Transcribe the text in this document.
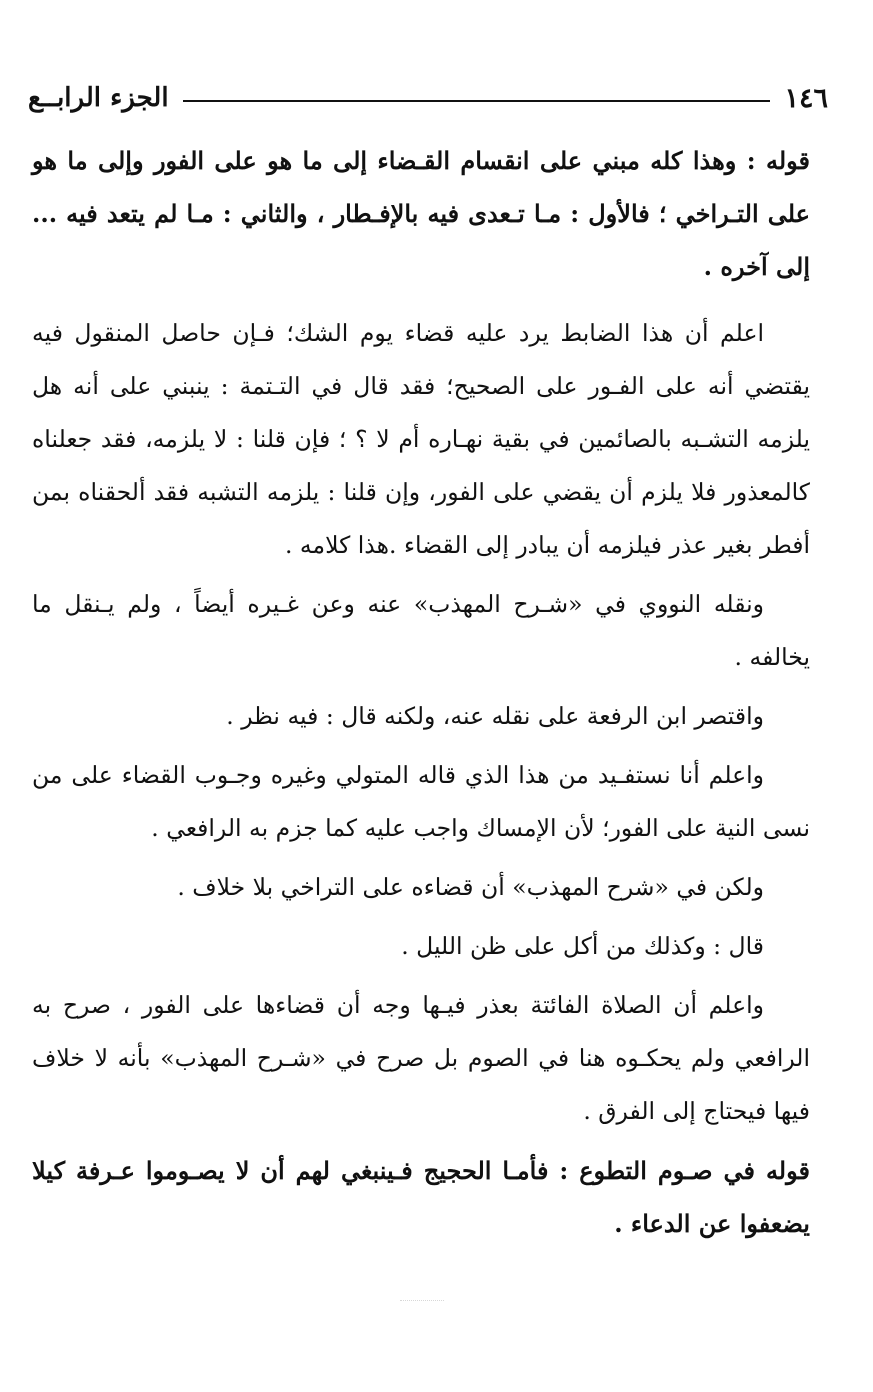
١٤٦
الجزء الرابــع

قوله : وهذا كله مبني على انقسام القـضاء إلى ما هو على الفور وإلى ما هو على التـراخي ؛ فالأول : مـا تـعدى فيه بالإفـطار ، والثاني : مـا لم يتعد فيه ... إلى آخره .

اعلم أن هذا الضابط يرد عليه قضاء يوم الشك؛ فـإن حاصل المنقول فيه يقتضي أنه على الفـور على الصحيح؛ فقد قال في التـتمة : ينبني على أنه هل يلزمه التشـبه بالصائمين في بقية نهـاره أم لا ؟ ؛ فإن قلنا : لا يلزمه، فقد جعلناه كالمعذور فلا يلزم أن يقضي على الفور، وإن قلنا : يلزمه التشبه فقد ألحقناه بمن أفطر بغير عذر فيلزمه أن يبادر إلى القضاء .هذا كلامه .

ونقله النووي في «شـرح المهذب» عنه وعن غـيره أيضاً ، ولم يـنقل ما يخالفه .

واقتصر ابن الرفعة على نقله عنه، ولكنه قال : فيه نظر .

واعلم أنا نستفـيد من هذا الذي قاله المتولي وغيره وجـوب القضاء على من نسى النية على الفور؛ لأن الإمساك واجب عليه كما جزم به الرافعي .

ولكن في «شرح المهذب» أن قضاءه على التراخي بلا خلاف .

قال : وكذلك من أكل على ظن الليل .

واعلم أن الصلاة الفائتة بعذر فيـها وجه أن قضاءها على الفور ، صرح به الرافعي ولم يحكـوه هنا في الصوم بل صرح في «شـرح المهذب» بأنه لا خلاف فيها فيحتاج إلى الفرق .

قوله في صـوم التطوع : فأمـا الحجيج فـينبغي لهم أن لا يصـوموا عـرفة كيلا يضعفوا عن الدعاء .
